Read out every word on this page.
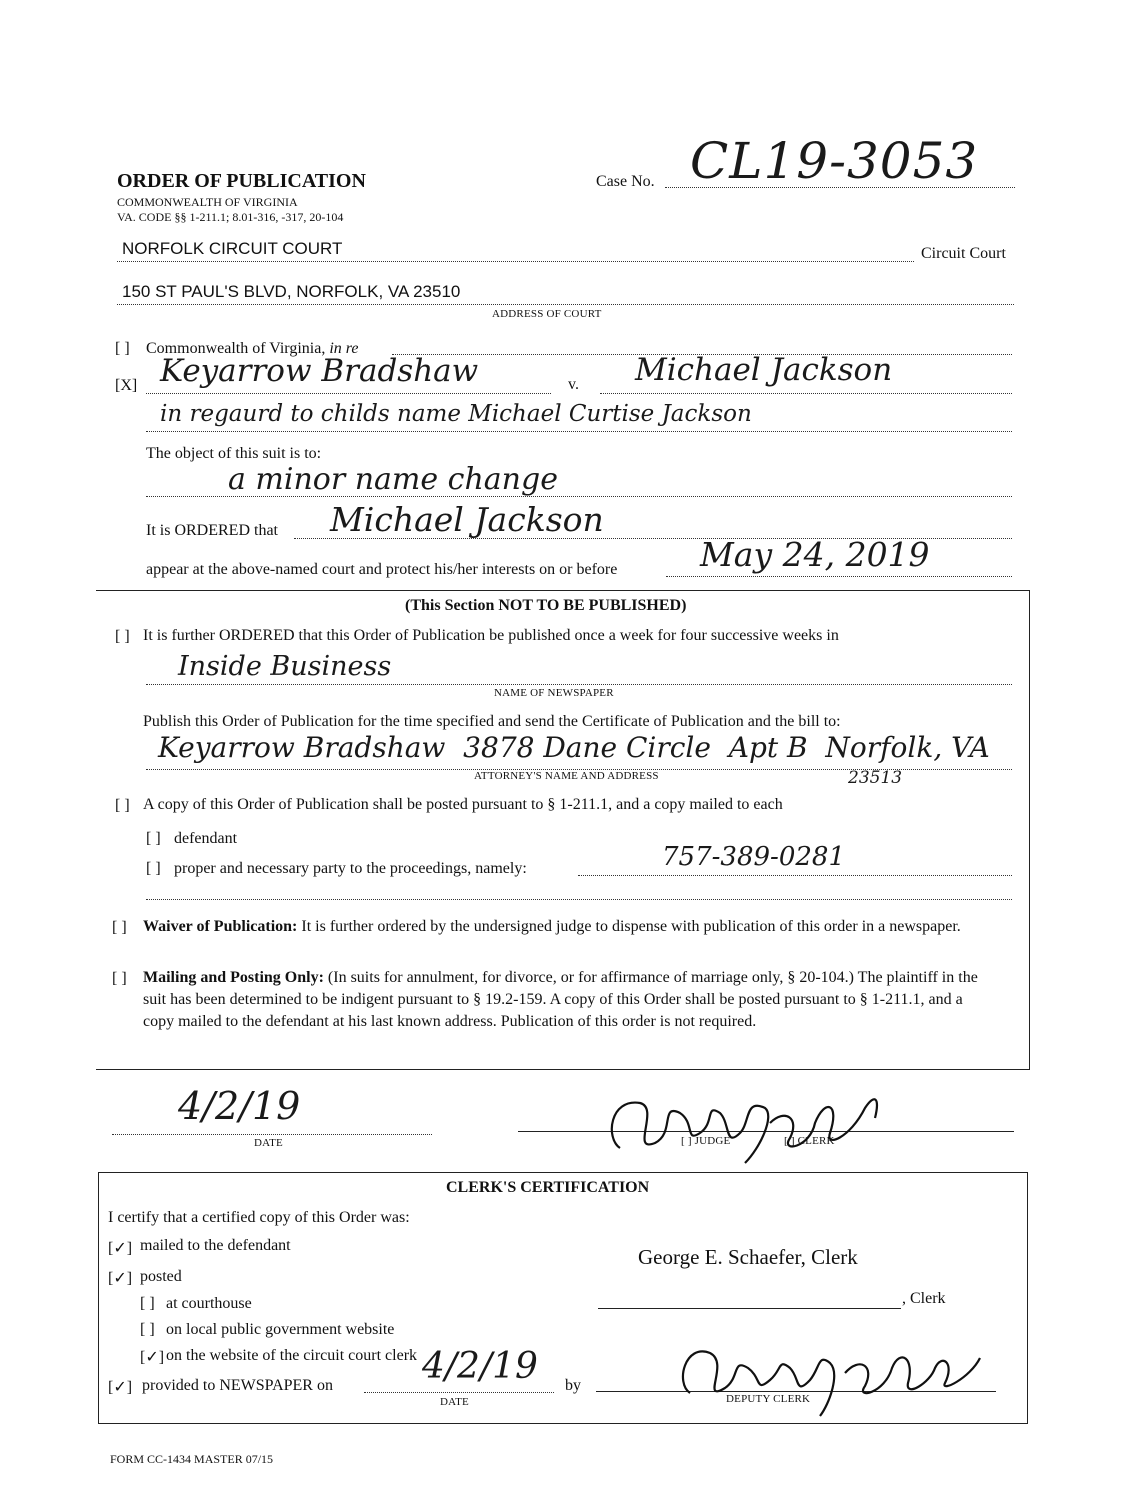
ORDER OF PUBLICATION
COMMONWEALTH OF VIRGINIA
VA. CODE §§ 1-211.1; 8.01-316, -317, 20-104
Case No. CL19-3053
NORFOLK CIRCUIT COURT	Circuit Court
150 ST PAUL'S BLVD, NORFOLK, VA 23510
ADDRESS OF COURT
[ ] Commonwealth of Virginia, in re
[X] Keyarrow Bradshaw	v. Michael Jackson
in regaurd to childs name Michael Curtise Jackson
The object of this suit is to:
a minor name change
It is ORDERED that Michael Jackson
appear at the above-named court and protect his/her interests on or before	May 24, 2019
(This Section NOT TO BE PUBLISHED)
[ ] It is further ORDERED that this Order of Publication be published once a week for four successive weeks in
Inside Business
NAME OF NEWSPAPER
Publish this Order of Publication for the time specified and send the Certificate of Publication and the bill to:
Keyarrow Bradshaw  3878 Dane Circle  Apt B  Norfolk, VA
ATTORNEY'S NAME AND ADDRESS	23513
[ ] A copy of this Order of Publication shall be posted pursuant to § 1-211.1, and a copy mailed to each
[ ] defendant
[ ] proper and necessary party to the proceedings, namely:	757-389-0281
[ ] Waiver of Publication: It is further ordered by the undersigned judge to dispense with publication of this order in a newspaper.
[ ] Mailing and Posting Only: (In suits for annulment, for divorce, or for affirmance of marriage only, § 20-104.) The plaintiff in the suit has been determined to be indigent pursuant to § 19.2-159. A copy of this Order shall be posted pursuant to § 1-211.1, and a copy mailed to the defendant at his last known address. Publication of this order is not required.
4/2/19
DATE	[ ] JUDGE	[ ] CLERK
CLERK'S CERTIFICATION
I certify that a certified copy of this Order was:
[✓] mailed to the defendant
[✓] posted
[ ] at courthouse
[ ] on local public government website
[✓] on the website of the circuit court clerk
[✓] provided to NEWSPAPER on 4/2/19
DATE
by
George E. Schaefer, Clerk
, Clerk
DEPUTY CLERK
FORM CC-1434 MASTER 07/15
